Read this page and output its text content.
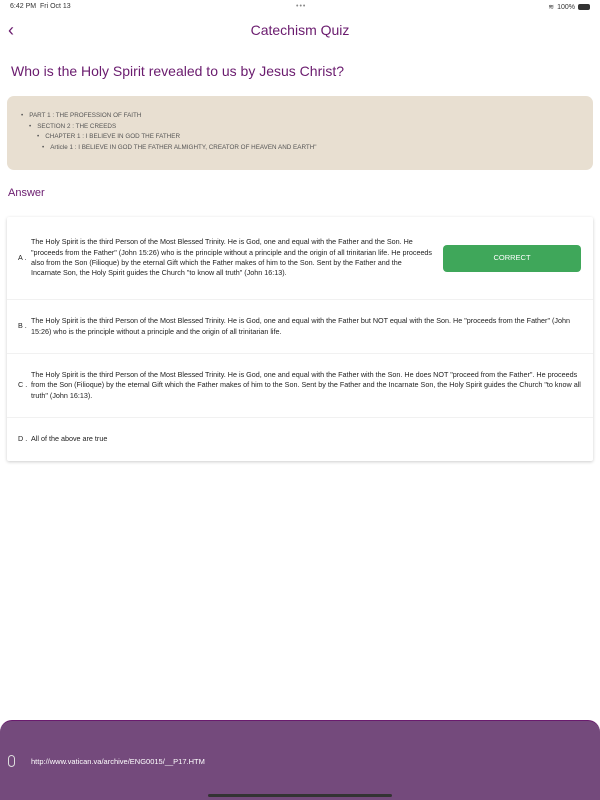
6:42 PM Fri Oct 13	•••	≋ 100%
‹	Catechism Quiz
Who is the Holy Spirit revealed to us by Jesus Christ?
• PART 1 : THE PROFESSION OF FAITH
• SECTION 2 : THE CREEDS
• CHAPTER 1 : I BELIEVE IN GOD THE FATHER
• Article 1 : I BELIEVE IN GOD THE FATHER ALMIGHTY, CREATOR OF HEAVEN AND EARTH"
Answer
A .
The Holy Spirit is the third Person of the Most Blessed Trinity. He is God, one and equal with the Father and the Son. He "proceeds from the Father" (John 15:26) who is the principle without a principle and the origin of all trinitarian life. He proceeds also from the Son (Filioque) by the eternal Gift which the Father makes of him to the Son. Sent by the Father and the Incarnate Son, the Holy Spirit guides the Church "to know all truth" (John 16:13).
CORRECT
B .
The Holy Spirit is the third Person of the Most Blessed Trinity. He is God, one and equal with the Father but NOT equal with the Son. He "proceeds from the Father" (John 15:26) who is the principle without a principle and the origin of all trinitarian life.
C .
The Holy Spirit is the third Person of the Most Blessed Trinity. He is God, one and equal with the Father with the Son. He does NOT "proceed from the Father". He proceeds from the Son (Filioque) by the eternal Gift which the Father makes of him to the Son. Sent by the Father and the Incarnate Son, the Holy Spirit guides the Church "to know all truth" (John 16:13).
D . All of the above are true
http://www.vatican.va/archive/ENG0015/__P17.HTM
